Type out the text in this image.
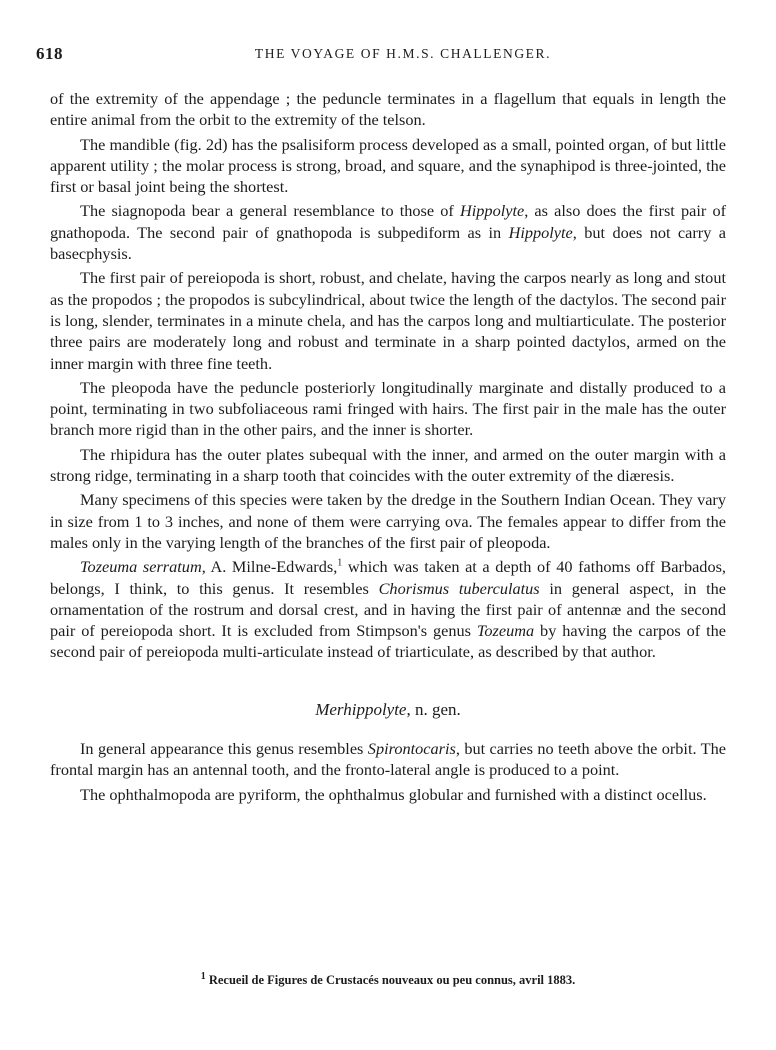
618	THE VOYAGE OF H.M.S. CHALLENGER.

of the extremity of the appendage ; the peduncle terminates in a flagellum that equals in length the entire animal from the orbit to the extremity of the telson.

The mandible (fig. 2d) has the psalisiform process developed as a small, pointed organ, of but little apparent utility ; the molar process is strong, broad, and square, and the synaphipod is three-jointed, the first or basal joint being the shortest.

The siagnopoda bear a general resemblance to those of Hippolyte, as also does the first pair of gnathopoda. The second pair of gnathopoda is subpediform as in Hippolyte, but does not carry a basecphysis.

The first pair of pereiopoda is short, robust, and chelate, having the carpos nearly as long and stout as the propodos ; the propodos is subcylindrical, about twice the length of the dactylos. The second pair is long, slender, terminates in a minute chela, and has the carpos long and multiarticulate. The posterior three pairs are moderately long and robust and terminate in a sharp pointed dactylos, armed on the inner margin with three fine teeth.

The pleopoda have the peduncle posteriorly longitudinally marginate and distally produced to a point, terminating in two subfoliaceous rami fringed with hairs. The first pair in the male has the outer branch more rigid than in the other pairs, and the inner is shorter.

The rhipidura has the outer plates subequal with the inner, and armed on the outer margin with a strong ridge, terminating in a sharp tooth that coincides with the outer extremity of the diæresis.

Many specimens of this species were taken by the dredge in the Southern Indian Ocean. They vary in size from 1 to 3 inches, and none of them were carrying ova. The females appear to differ from the males only in the varying length of the branches of the first pair of pleopoda.

Tozeuma serratum, A. Milne-Edwards,$^1$ which was taken at a depth of 40 fathoms off Barbados, belongs, I think, to this genus. It resembles Chorismus tuberculatus in general aspect, in the ornamentation of the rostrum and dorsal crest, and in having the first pair of antennæ and the second pair of pereiopoda short. It is excluded from Stimpson's genus Tozeuma by having the carpos of the second pair of pereiopoda multi-articulate instead of triarticulate, as described by that author.

Merhippolyte, n. gen.

In general appearance this genus resembles Spirontocaris, but carries no teeth above the orbit. The frontal margin has an antennal tooth, and the fronto-lateral angle is produced to a point.

The ophthalmopoda are pyriform, the ophthalmus globular and furnished with a distinct ocellus.

$^1$ Recueil de Figures de Crustacés nouveaux ou peu connus, avril 1883.
